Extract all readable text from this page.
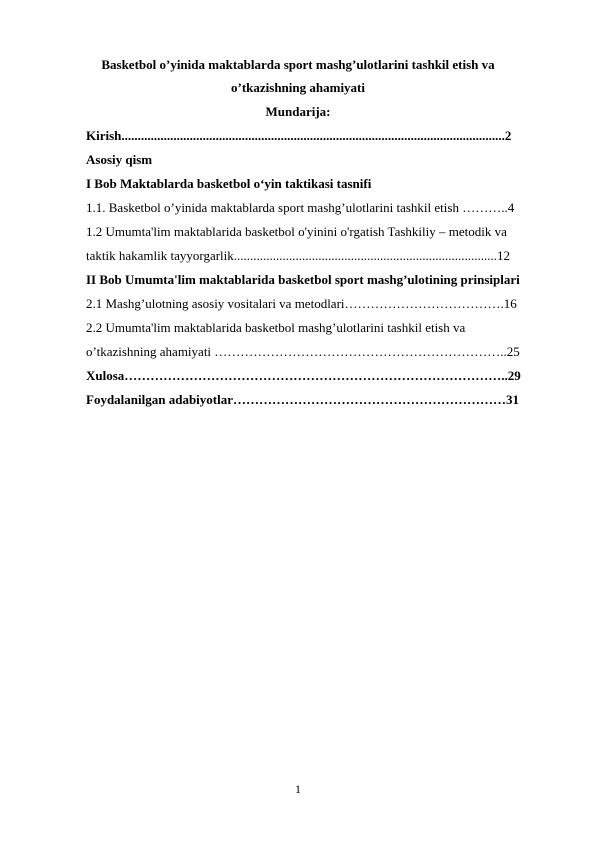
Basketbol o’yinida maktablarda sport mashg’ulotlarini tashkil etish va
o’tkazishning ahamiyati
Mundarija:
Kirish......................................................................................................................2
Asosiy qism
I Bob Maktablarda basketbol o‘yin taktikasi tasnifi
1.1. Basketbol o’yinida maktablarda sport mashg’ulotlarini tashkil etish ………..4
1.2 Umumta'lim maktablarida basketbol o'yinini o'rgatish Tashkiliy – metodik va
taktik hakamlik tayyorgarlik.................................................................................12
II Bob Umumta'lim maktablarida basketbol sport mashg’ulotining prinsiplari
2.1 Mashg’ulotning asosiy vositalari va metodlari……………………………….16
2.2 Umumta'lim maktablarida basketbol mashg’ulotlarini tashkil etish va
o’tkazishning ahamiyati …………………………………………………………..25
Xulosa……………………………………………………………………………..29
Foydalanilgan adabiyotlar………………………………………………………31
1
